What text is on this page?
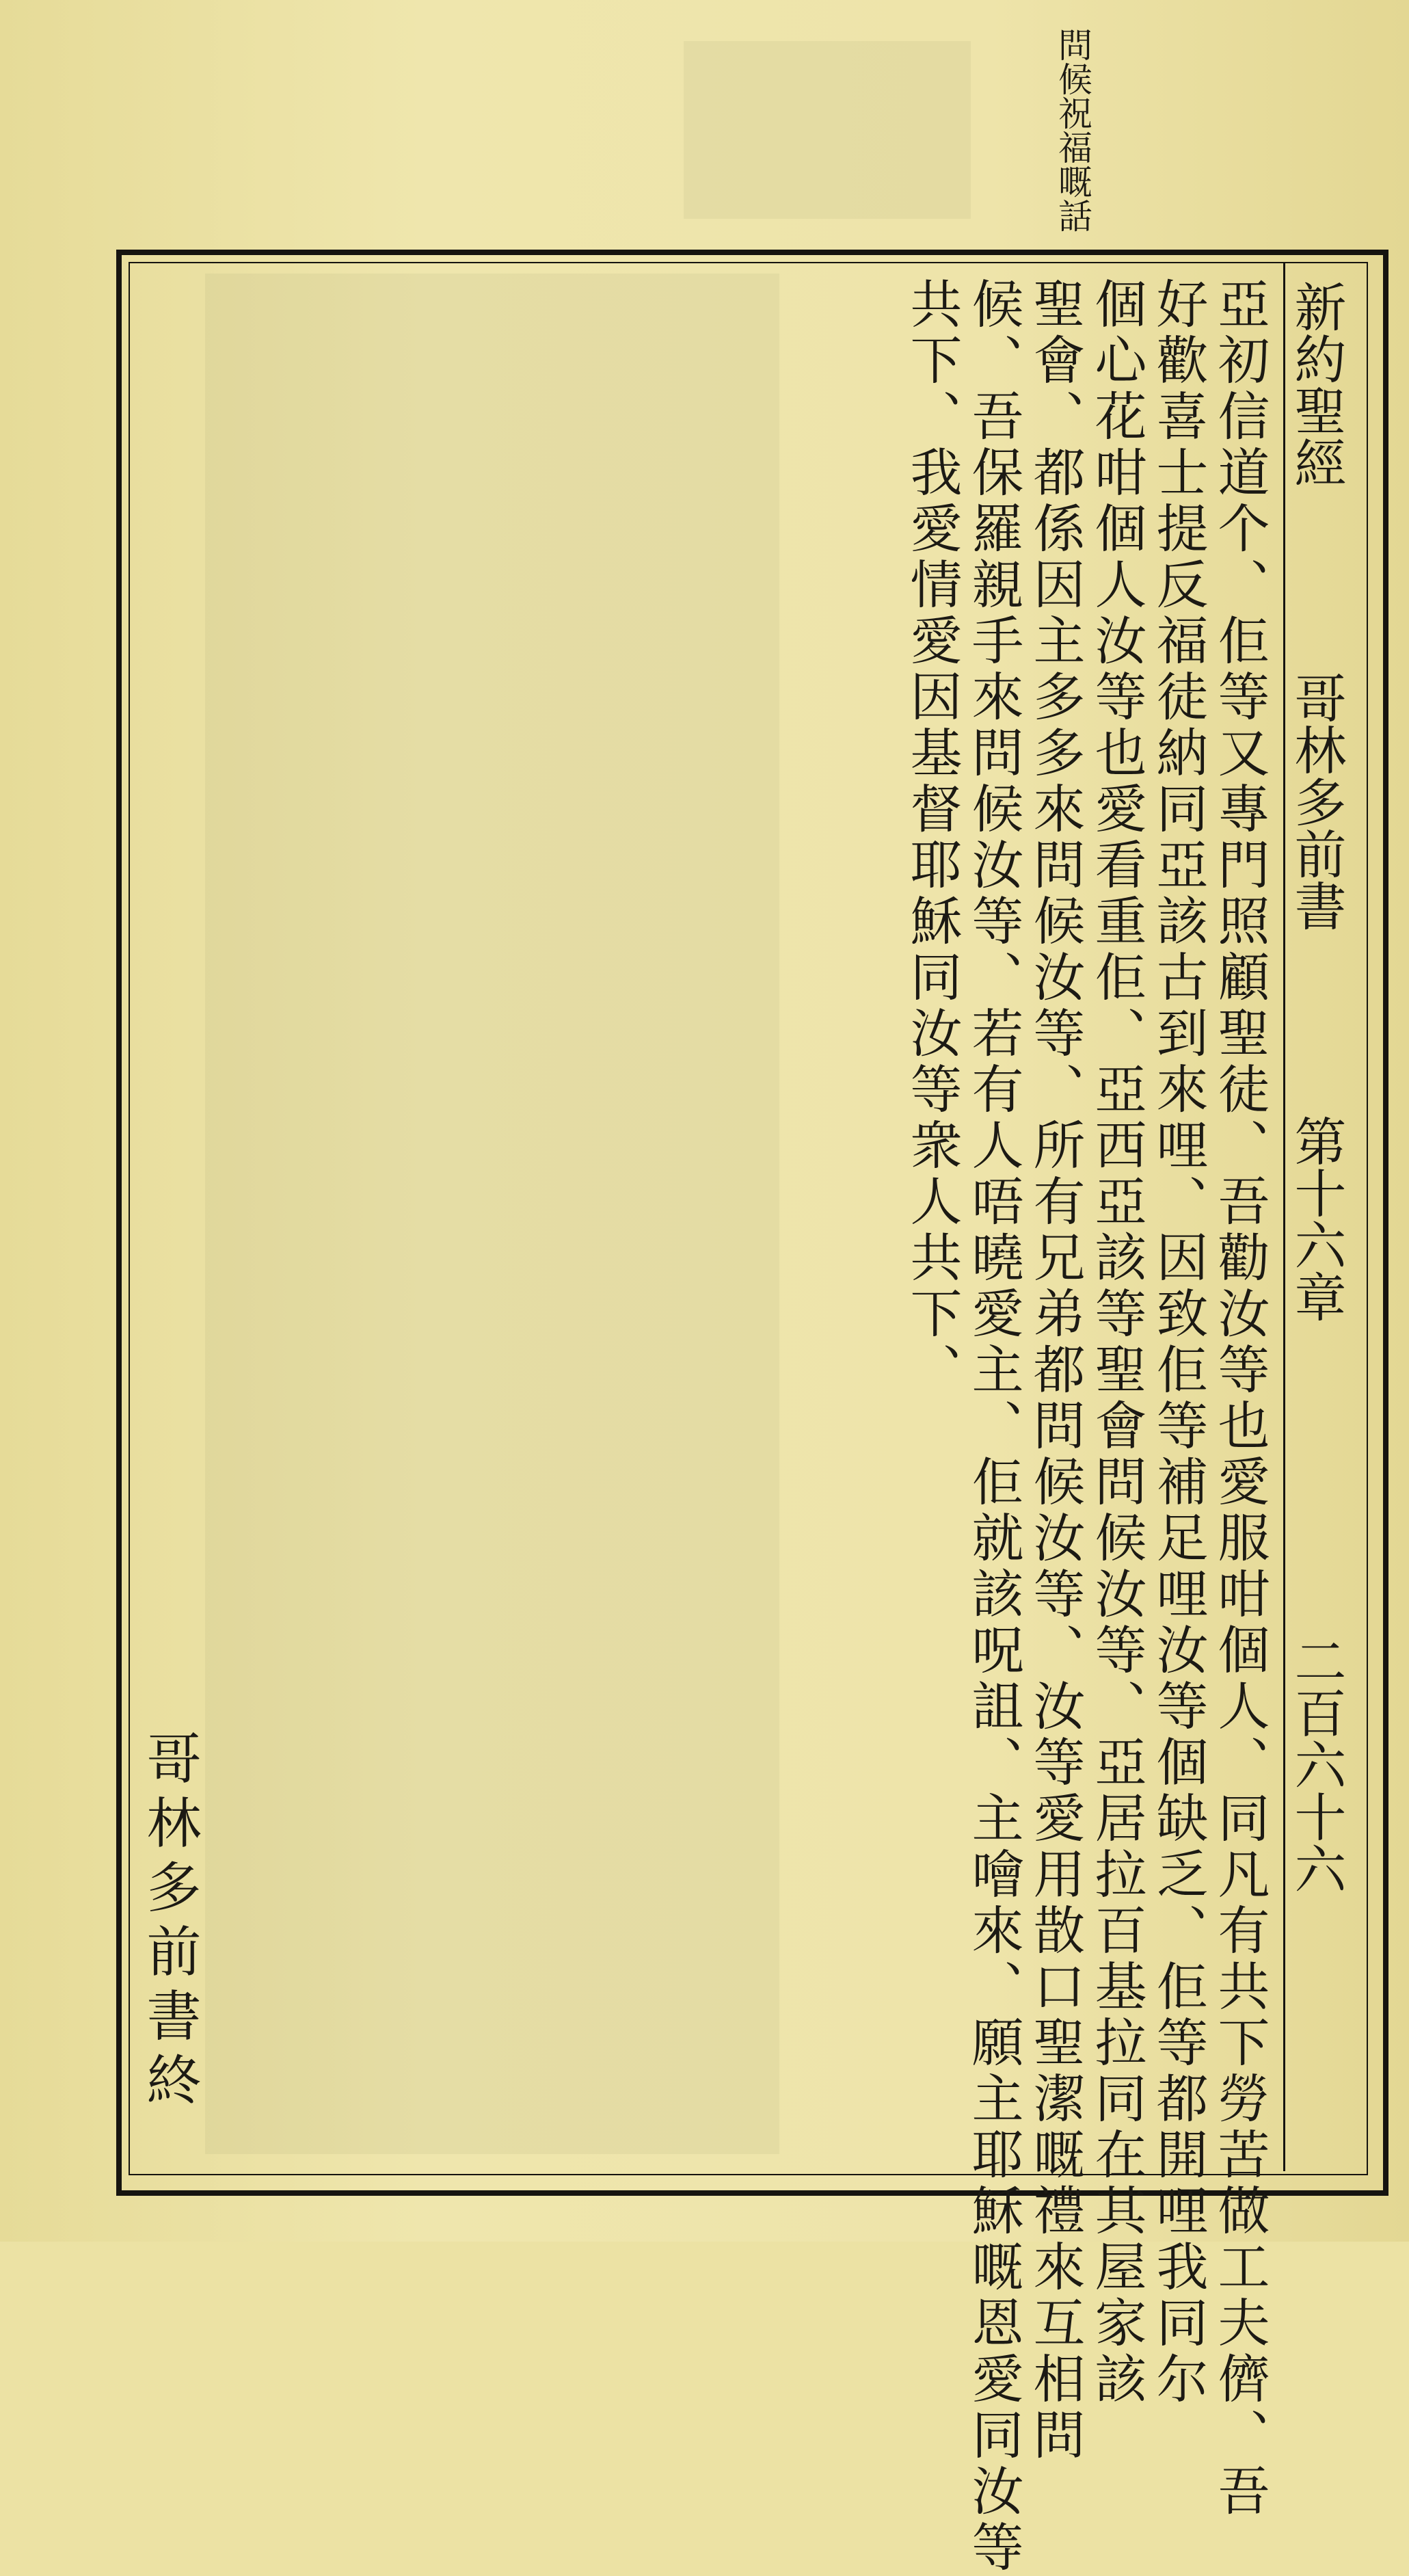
問候祝福嘅話
新約聖經  哥林多前書  第十六章
二百六十六
亞初信道个、佢等又專門照顧聖徒、吾勸汝等也愛服咁個人、同凡有共下勞苦做工夫儕、吾
好歡喜士提反福徒納同亞該古到來哩、因致佢等補足哩汝等個缺乏、佢等都開哩我同尔
個心花咁個人汝等也愛看重佢、亞西亞該等聖會問候汝等、亞居拉百基拉同在其屋家該
聖會、都係因主多多來問候汝等、所有兄弟都問候汝等、汝等愛用㪚口聖潔嘅禮來互相問
候、吾保羅親手來問候汝等、若有人唔曉愛主、佢就該呪詛、主噲來、願主耶穌嘅恩愛同汝等
共下、我愛情愛因基督耶穌同汝等衆人共下、
哥林多前書終
